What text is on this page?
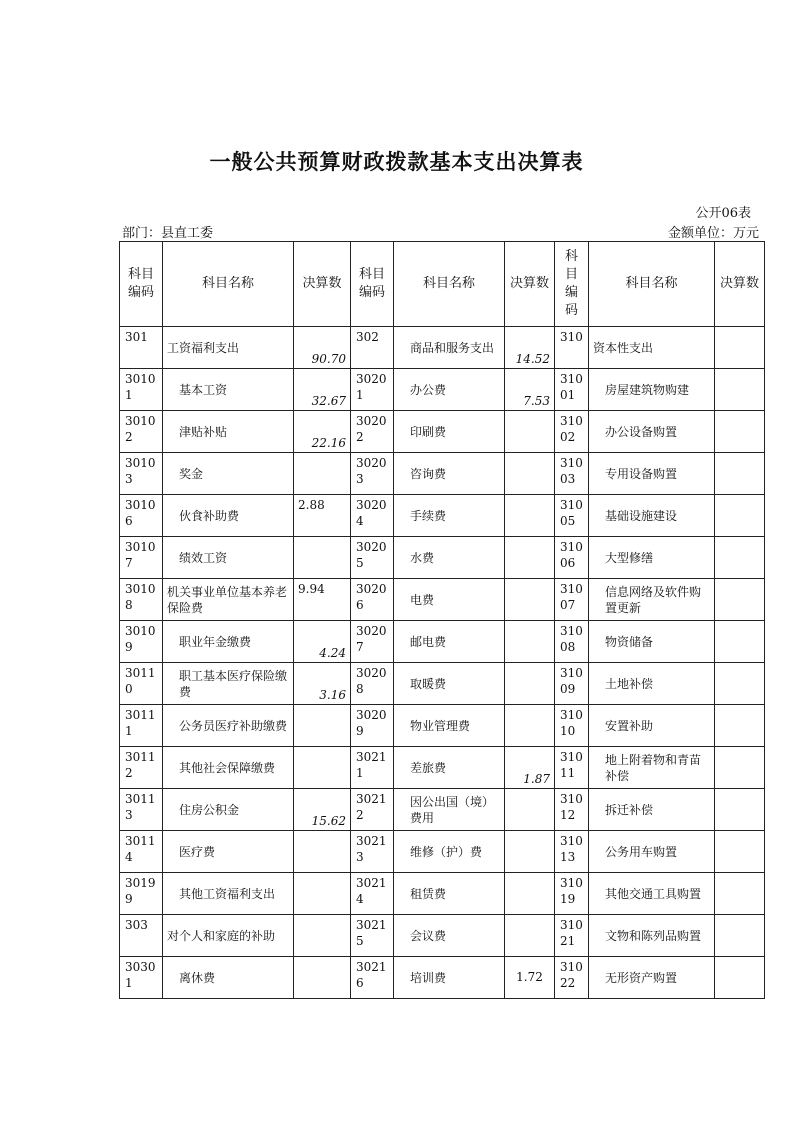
一般公共预算财政拨款基本支出决算表
公开06表
部门：县直工委	金额单位：万元
科目编码	科目名称	决算数	科目编码	科目名称	决算数	科目编码	科目名称	决算数
301	工资福利支出	90.70	302	商品和服务支出	14.52	310	资本性支出	
30101	基本工资	32.67	30201	办公费	7.53	31001	房屋建筑物购建	
30102	津贴补贴	22.16	30202	印刷费		31002	办公设备购置	
30103	奖金		30203	咨询费		31003	专用设备购置	
30106	伙食补助费	2.88	30204	手续费		31005	基础设施建设	
30107	绩效工资		30205	水费		31006	大型修缮	
30108	机关事业单位基本养老保险费	9.94	30206	电费		31007	信息网络及软件购置更新	
30109	职业年金缴费	4.24	30207	邮电费		31008	物资储备	
30110	职工基本医疗保险缴费	3.16	30208	取暖费		31009	土地补偿	
30111	公务员医疗补助缴费		30209	物业管理费		31010	安置补助	
30112	其他社会保障缴费		30211	差旅费	1.87	31011	地上附着物和青苗补偿	
30113	住房公积金	15.62	30212	因公出国（境）费用		31012	拆迁补偿	
30114	医疗费		30213	维修（护）费		31013	公务用车购置	
30199	其他工资福利支出		30214	租赁费		31019	其他交通工具购置	
303	对个人和家庭的补助		30215	会议费		31021	文物和陈列品购置	
30301	离休费		30216	培训费	1.72	31022	无形资产购置	
